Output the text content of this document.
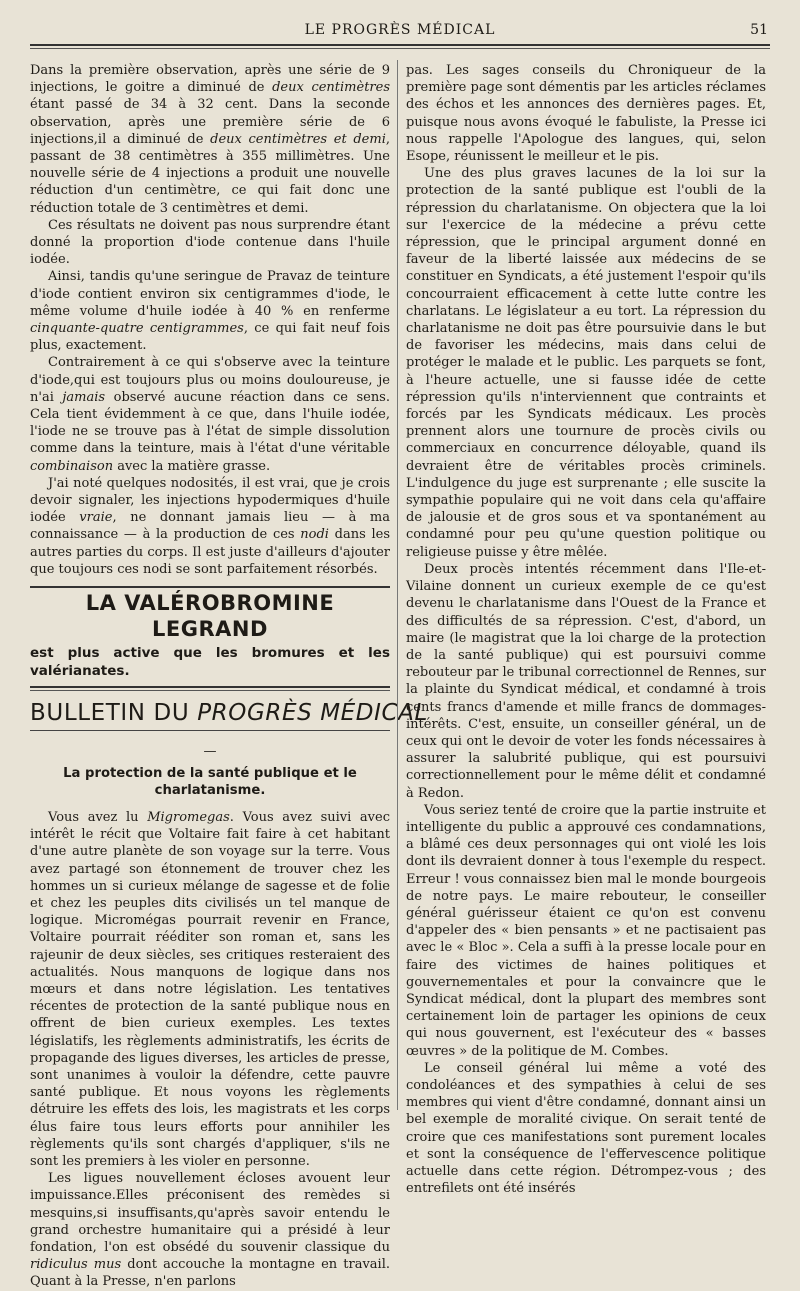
LE PROGRÈS MÉDICAL	51

Dans la première observation, après une série de 9 injections, le goitre a diminué de deux centimètres étant passé de 34 à 32 cent. Dans la seconde observation, après une première série de 6 injections,il a diminué de deux centimètres et demi, passant de 38 centimètres à 355 millimètres. Une nouvelle série de 4 injections a produit une nouvelle réduction d'un centimètre, ce qui fait donc une réduction totale de 3 centimètres et demi.

Ces résultats ne doivent pas nous surprendre étant donné la proportion d'iode contenue dans l'huile iodée.

Ainsi, tandis qu'une seringue de Pravaz de teinture d'iode contient environ six centigrammes d'iode, le même volume d'huile iodée à 40 % en renferme cinquante-quatre centigrammes, ce qui fait neuf fois plus, exactement.

Contrairement à ce qui s'observe avec la teinture d'iode,qui est toujours plus ou moins douloureuse, je n'ai jamais observé aucune réaction dans ce sens. Cela tient évidemment à ce que, dans l'huile iodée, l'iode ne se trouve pas à l'état de simple dissolution comme dans la teinture, mais à l'état d'une véritable combinaison avec la matière grasse.

J'ai noté quelques nodosités, il est vrai, que je crois devoir signaler, les injections hypodermiques d'huile iodée vraie, ne donnant jamais lieu — à ma connaissance — à la production de ces nodi dans les autres parties du corps. Il est juste d'ailleurs d'ajouter que toujours ces nodi se sont parfaitement résorbés.

LA VALÉROBROMINE LEGRAND
est plus active que les bromures et les valérianates.
BULLETIN DU PROGRÈS MÉDICAL
—
La protection de la santé publique et le charlatanisme.

Vous avez lu Migromegas. Vous avez suivi avec intérêt le récit que Voltaire fait faire à cet habitant d'une autre planète de son voyage sur la terre. Vous avez partagé son étonnement de trouver chez les hommes un si curieux mélange de sagesse et de folie et chez les peuples dits civilisés un tel manque de logique. Micromégas pourrait revenir en France, Voltaire pourrait rééditer son roman et, sans les rajeunir de deux siècles, ses critiques resteraient des actualités. Nous manquons de logique dans nos mœurs et dans notre législation. Les tentatives récentes de protection de la santé publique nous en offrent de bien curieux exemples. Les textes législatifs, les règlements administratifs, les écrits de propagande des ligues diverses, les articles de presse, sont unanimes à vouloir la défendre, cette pauvre santé publique. Et nous voyons les règlements détruire les effets des lois, les magistrats et les corps élus faire tous leurs efforts pour annihiler les règlements qu'ils sont chargés d'appliquer, s'ils ne sont les premiers à les violer en personne.

Les ligues nouvellement écloses avouent leur impuissance.Elles préconisent des remèdes si mesquins,si insuffisants,qu'après savoir entendu le grand orchestre humanitaire qui a présidé à leur fondation, l'on est obsédé du souvenir classique du ridiculus mus dont accouche la montagne en travail. Quant à la Presse, n'en parlons

pas. Les sages conseils du Chroniqueur de la première page sont démentis par les articles réclames des échos et les annonces des dernières pages. Et, puisque nous avons évoqué le fabuliste, la Presse ici nous rappelle l'Apologue des langues, qui, selon Esope, réunissent le meilleur et le pis.

Une des plus graves lacunes de la loi sur la protection de la santé publique est l'oubli de la répression du charlatanisme. On objectera que la loi sur l'exercice de la médecine a prévu cette répression, que le principal argument donné en faveur de la liberté laissée aux médecins de se constituer en Syndicats, a été justement l'espoir qu'ils concourraient efficacement à cette lutte contre les charlatans. Le législateur a eu tort. La répression du charlatanisme ne doit pas être poursuivie dans le but de favoriser les médecins, mais dans celui de protéger le malade et le public. Les parquets se font, à l'heure actuelle, une si fausse idée de cette répression qu'ils n'interviennent que contraints et forcés par les Syndicats médicaux. Les procès prennent alors une tournure de procès civils ou commerciaux en concurrence déloyable, quand ils devraient être de véritables procès criminels. L'indulgence du juge est surprenante ; elle suscite la sympathie populaire qui ne voit dans cela qu'affaire de jalousie et de gros sous et va spontanément au condamné pour peu qu'une question politique ou religieuse puisse y être mêlée.

Deux procès intentés récemment dans l'Ile-et-Vilaine donnent un curieux exemple de ce qu'est devenu le charlatanisme dans l'Ouest de la France et des difficultés de sa répression. C'est, d'abord, un maire (le magistrat que la loi charge de la protection de la santé publique) qui est poursuivi comme rebouteur par le tribunal correctionnel de Rennes, sur la plainte du Syndicat médical, et condamné à trois cents francs d'amende et mille francs de dommages-intérêts. C'est, ensuite, un conseiller général, un de ceux qui ont le devoir de voter les fonds nécessaires à assurer la salubrité publique, qui est poursuivi correctionnellement pour le même délit et condamné à Redon.

Vous seriez tenté de croire que la partie instruite et intelligente du public a approuvé ces condamnations, a blâmé ces deux personnages qui ont violé les lois dont ils devraient donner à tous l'exemple du respect. Erreur ! vous connaissez bien mal le monde bourgeois de notre pays. Le maire rebouteur, le conseiller général guérisseur étaient ce qu'on est convenu d'appeler des « bien pensants » et ne pactisaient pas avec le « Bloc ». Cela a suffi à la presse locale pour en faire des victimes de haines politiques et gouvernementales et pour la convaincre que le Syndicat médical, dont la plupart des membres sont certainement loin de partager les opinions de ceux qui nous gouvernent, est l'exécuteur des « basses œuvres » de la politique de M. Combes.

Le conseil général lui même a voté des condoléances et des sympathies à celui de ses membres qui vient d'être condamné, donnant ainsi un bel exemple de moralité civique. On serait tenté de croire que ces manifestations sont purement locales et sont la conséquence de l'effervescence politique actuelle dans cette région. Détrompez-vous ; des entrefilets ont été insérés
